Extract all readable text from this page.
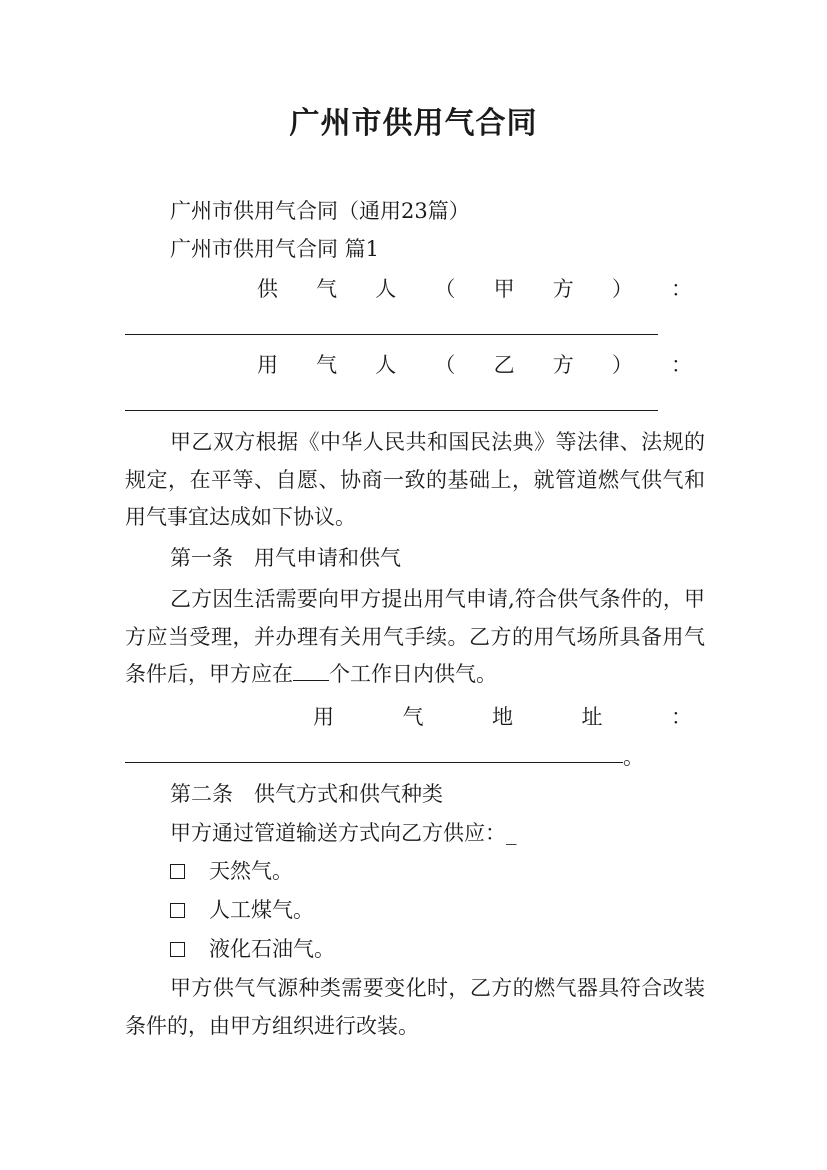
广州市供用气合同
广州市供用气合同（通用23篇）
广州市供用气合同 篇1
供 气 人 （ 甲 方 ） ：
用 气 人 （ 乙 方 ） ：
甲乙双方根据《中华人民共和国民法典》等法律、法规的规定，在平等、自愿、协商一致的基础上，就管道燃气供气和用气事宜达成如下协议。
第一条　用气申请和供气
乙方因生活需要向甲方提出用气申请,符合供气条件的，甲方应当受理，并办理有关用气手续。乙方的用气场所具备用气条件后，甲方应在 个工作日内供气。
用	气	地	址	：
。
第二条　供气方式和供气种类
甲方通过管道输送方式向乙方供应：_
天然气。
人工煤气。
液化石油气。
甲方供气气源种类需要变化时，乙方的燃气器具符合改装条件的，由甲方组织进行改装。
